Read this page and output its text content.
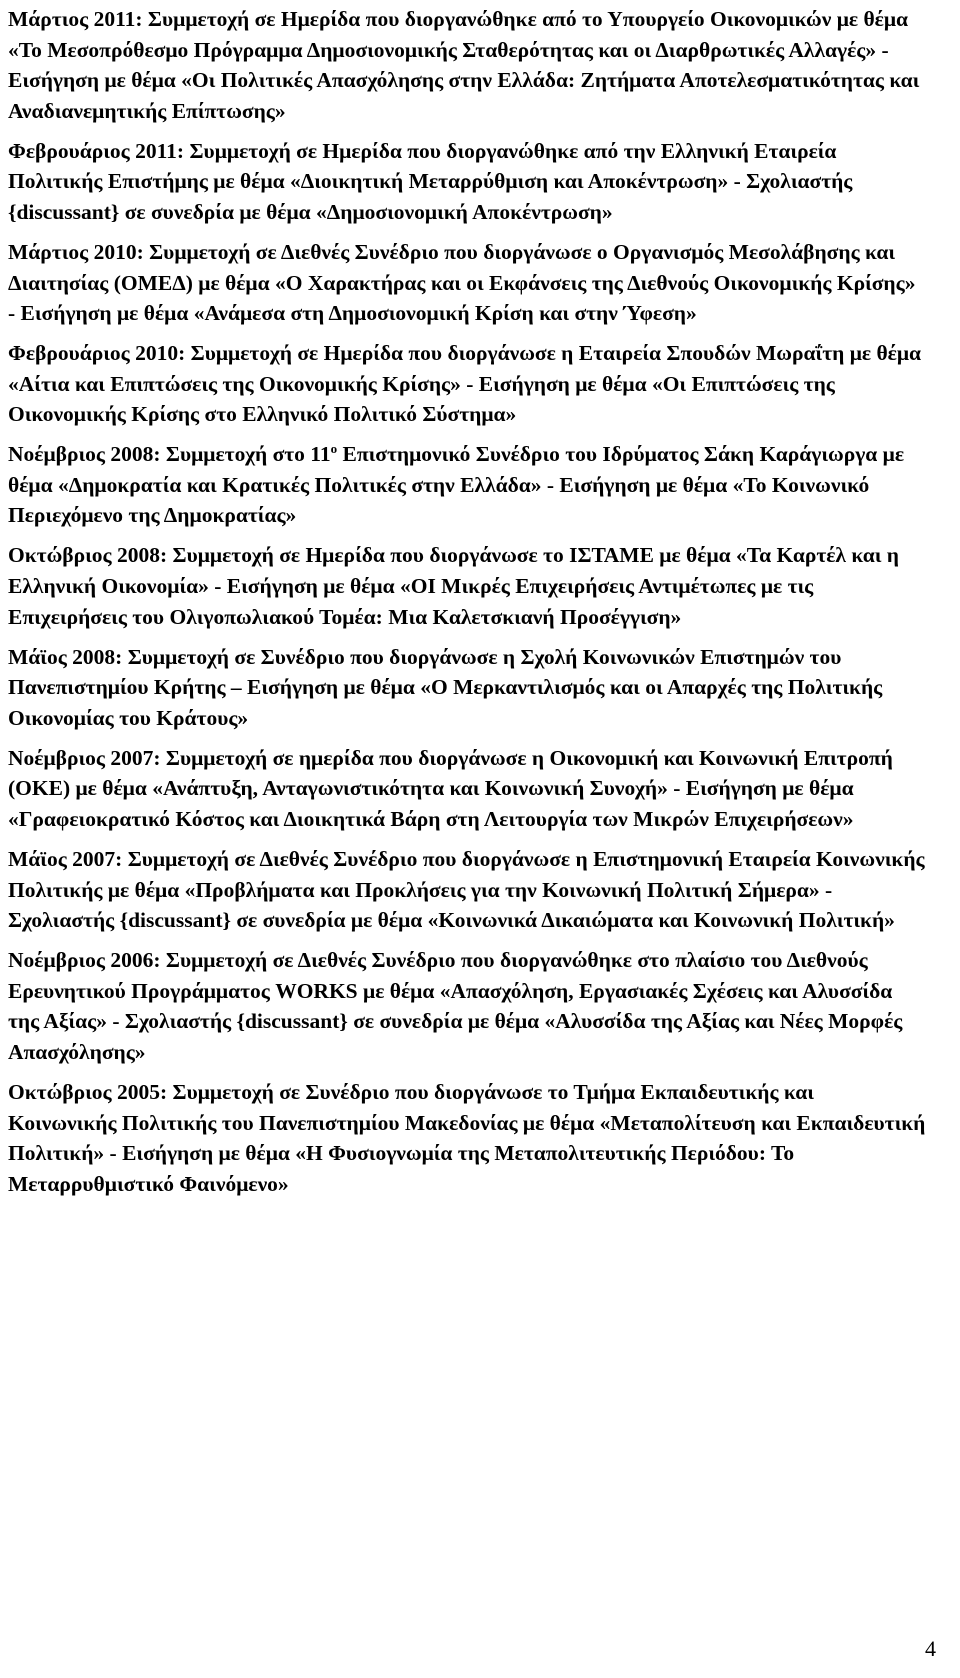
Μάρτιος 2011: Συμμετοχή σε Ημερίδα που διοργανώθηκε από το Υπουργείο Οικονομικών με θέμα «Το Μεσοπρόθεσμο Πρόγραμμα Δημοσιονομικής Σταθερότητας και οι Διαρθρωτικές Αλλαγές» - Εισήγηση με θέμα «Οι Πολιτικές Απασχόλησης στην Ελλάδα: Ζητήματα Αποτελεσματικότητας και Αναδιανεμητικής Επίπτωσης»

Φεβρουάριος 2011: Συμμετοχή σε Ημερίδα που διοργανώθηκε από την Ελληνική Εταιρεία Πολιτικής Επιστήμης με θέμα «Διοικητική Μεταρρύθμιση και Αποκέντρωση» - Σχολιαστής {discussant} σε συνεδρία με θέμα «Δημοσιονομική Αποκέντρωση»

Μάρτιος 2010: Συμμετοχή σε Διεθνές Συνέδριο που διοργάνωσε ο Οργανισμός Μεσολάβησης και Διαιτησίας (ΟΜΕΔ) με θέμα «Ο Χαρακτήρας και οι Εκφάνσεις της Διεθνούς Οικονομικής Κρίσης» - Εισήγηση με θέμα «Ανάμεσα στη Δημοσιονομική Κρίση και στην Ύφεση»

Φεβρουάριος 2010: Συμμετοχή σε Ημερίδα που διοργάνωσε η Εταιρεία Σπουδών Μωραΐτη με θέμα «Αίτια και Επιπτώσεις της Οικονομικής Κρίσης» - Εισήγηση με θέμα «Οι Επιπτώσεις της Οικονομικής Κρίσης στο Ελληνικό Πολιτικό Σύστημα»

Νοέμβριος 2008: Συμμετοχή στο $11^o$ Επιστημονικό Συνέδριο του Ιδρύματος Σάκη Καράγιωργα με θέμα «Δημοκρατία και Κρατικές Πολιτικές στην Ελλάδα» - Εισήγηση με θέμα «Το Κοινωνικό Περιεχόμενο της Δημοκρατίας»

Οκτώβριος 2008: Συμμετοχή σε Ημερίδα που διοργάνωσε το ΙΣΤΑΜΕ με θέμα «Τα Καρτέλ και η Ελληνική Οικονομία» - Εισήγηση με θέμα «ΟΙ Μικρές Επιχειρήσεις Αντιμέτωπες με τις Επιχειρήσεις του Ολιγοπωλιακού Τομέα: Μια Καλετσκιανή Προσέγγιση»

Μάϊος 2008: Συμμετοχή σε Συνέδριο που διοργάνωσε η Σχολή Κοινωνικών Επιστημών του Πανεπιστημίου Κρήτης – Εισήγηση με θέμα «Ο Μερκαντιλισμός και οι Απαρχές της Πολιτικής Οικονομίας του Κράτους»

Νοέμβριος 2007: Συμμετοχή σε ημερίδα που διοργάνωσε η Οικονομική και Κοινωνική Επιτροπή (ΟΚΕ) με θέμα «Ανάπτυξη, Ανταγωνιστικότητα και Κοινωνική Συνοχή» - Εισήγηση με θέμα «Γραφειοκρατικό Κόστος και Διοικητικά Βάρη στη Λειτουργία των Μικρών Επιχειρήσεων»

Μάϊος 2007: Συμμετοχή σε Διεθνές Συνέδριο που διοργάνωσε η Επιστημονική Εταιρεία Κοινωνικής Πολιτικής με θέμα «Προβλήματα και Προκλήσεις για την Κοινωνική Πολιτική Σήμερα» - Σχολιαστής {discussant} σε συνεδρία με θέμα «Κοινωνικά Δικαιώματα και Κοινωνική Πολιτική»

Νοέμβριος 2006: Συμμετοχή σε Διεθνές Συνέδριο που διοργανώθηκε στο πλαίσιο του Διεθνούς Ερευνητικού Προγράμματος WORKS με θέμα «Απασχόληση, Εργασιακές Σχέσεις και Αλυσσίδα της Αξίας» - Σχολιαστής {discussant} σε συνεδρία με θέμα «Αλυσσίδα της Αξίας και Νέες Μορφές Απασχόλησης»

Οκτώβριος 2005: Συμμετοχή σε Συνέδριο που διοργάνωσε το Τμήμα Εκπαιδευτικής και Κοινωνικής Πολιτικής του Πανεπιστημίου Μακεδονίας με θέμα «Μεταπολίτευση και Εκπαιδευτική Πολιτική» - Εισήγηση με θέμα «Η Φυσιογνωμία της Μεταπολιτευτικής Περιόδου: Το Μεταρρυθμιστικό Φαινόμενο»

4
